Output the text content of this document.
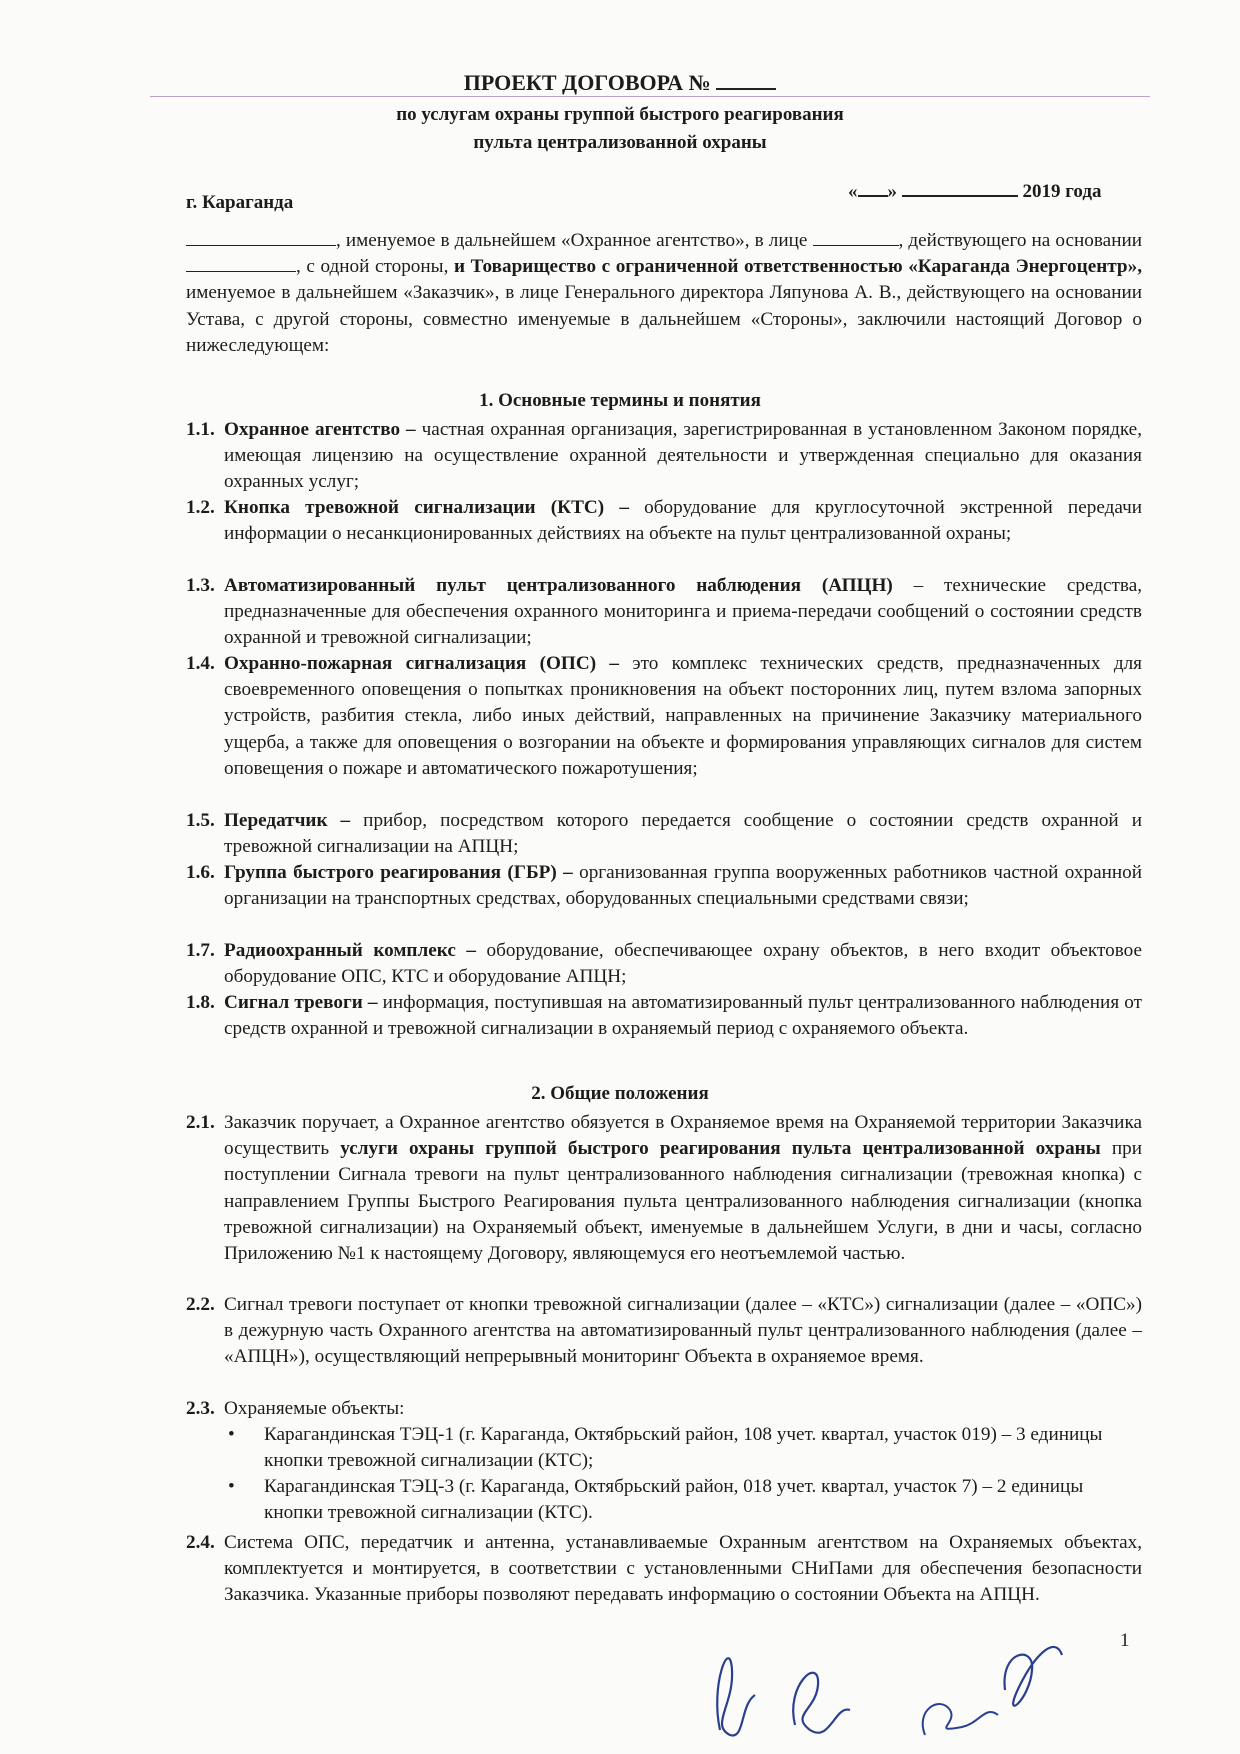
ПРОЕКТ ДОГОВОРА №
по услугам охраны группой быстрого реагирования
пульта централизованной охраны
г. Караганда
« »	2019 года
, именуемое в дальнейшем «Охранное агентство», в лице	, действующего на основании , с одной стороны, и Товарищество с ограниченной ответственностью «Караганда Энергоцентр», именуемое в дальнейшем «Заказчик», в лице Генерального директора Ляпунова А. В., действующего на основании Устава, с другой стороны, совместно именуемые в дальнейшем «Стороны», заключили настоящий Договор о нижеследующем:
1. Основные термины и понятия
1.1. Охранное агентство – частная охранная организация, зарегистрированная в установленном Законом порядке, имеющая лицензию на осуществление охранной деятельности и утвержденная специально для оказания охранных услуг;
1.2. Кнопка тревожной сигнализации (КТС) – оборудование для круглосуточной экстренной передачи информации о несанкционированных действиях на объекте на пульт централизованной охраны;
1.3. Автоматизированный пульт централизованного наблюдения (АПЦН) – технические средства, предназначенные для обеспечения охранного мониторинга и приема-передачи сообщений о состоянии средств охранной и тревожной сигнализации;
1.4. Охранно-пожарная сигнализация (ОПС) – это комплекс технических средств, предназначенных для своевременного оповещения о попытках проникновения на объект посторонних лиц, путем взлома запорных устройств, разбития стекла, либо иных действий, направленных на причинение Заказчику материального ущерба, а также для оповещения о возгорании на объекте и формирования управляющих сигналов для систем оповещения о пожаре и автоматического пожаротушения;
1.5. Передатчик – прибор, посредством которого передается сообщение о состоянии средств охранной и тревожной сигнализации на АПЦН;
1.6. Группа быстрого реагирования (ГБР) – организованная группа вооруженных работников частной охранной организации на транспортных средствах, оборудованных специальными средствами связи;
1.7. Радиоохранный комплекс – оборудование, обеспечивающее охрану объектов, в него входит объектовое оборудование ОПС, КТС и оборудование АПЦН;
1.8. Сигнал тревоги – информация, поступившая на автоматизированный пульт централизованного наблюдения от средств охранной и тревожной сигнализации в охраняемый период с охраняемого объекта.
2. Общие положения
2.1. Заказчик поручает, а Охранное агентство обязуется в Охраняемое время на Охраняемой территории Заказчика осуществить услуги охраны группой быстрого реагирования пульта централизованной охраны при поступлении Сигнала тревоги на пульт централизованного наблюдения сигнализации (тревожная кнопка) с направлением Группы Быстрого Реагирования пульта централизованного наблюдения сигнализации (кнопка тревожной сигнализации) на Охраняемый объект, именуемые в дальнейшем Услуги, в дни и часы, согласно Приложению №1 к настоящему Договору, являющемуся его неотъемлемой частью.
2.2. Сигнал тревоги поступает от кнопки тревожной сигнализации (далее – «КТС») сигнализации (далее – «ОПС») в дежурную часть Охранного агентства на автоматизированный пульт централизованного наблюдения (далее – «АПЦН»), осуществляющий непрерывный мониторинг Объекта в охраняемое время.
2.3. Охраняемые объекты:
• Карагандинская ТЭЦ-1 (г. Караганда, Октябрьский район, 108 учет. квартал, участок 019) – 3 единицы кнопки тревожной сигнализации (КТС);
• Карагандинская ТЭЦ-3 (г. Караганда, Октябрьский район, 018 учет. квартал, участок 7) – 2 единицы кнопки тревожной сигнализации (КТС).
2.4. Система ОПС, передатчик и антенна, устанавливаемые Охранным агентством на Охраняемых объектах, комплектуется и монтируется, в соответствии с установленными СНиПами для обеспечения безопасности Заказчика. Указанные приборы позволяют передавать информацию о состоянии Объекта на АПЦН.
1
